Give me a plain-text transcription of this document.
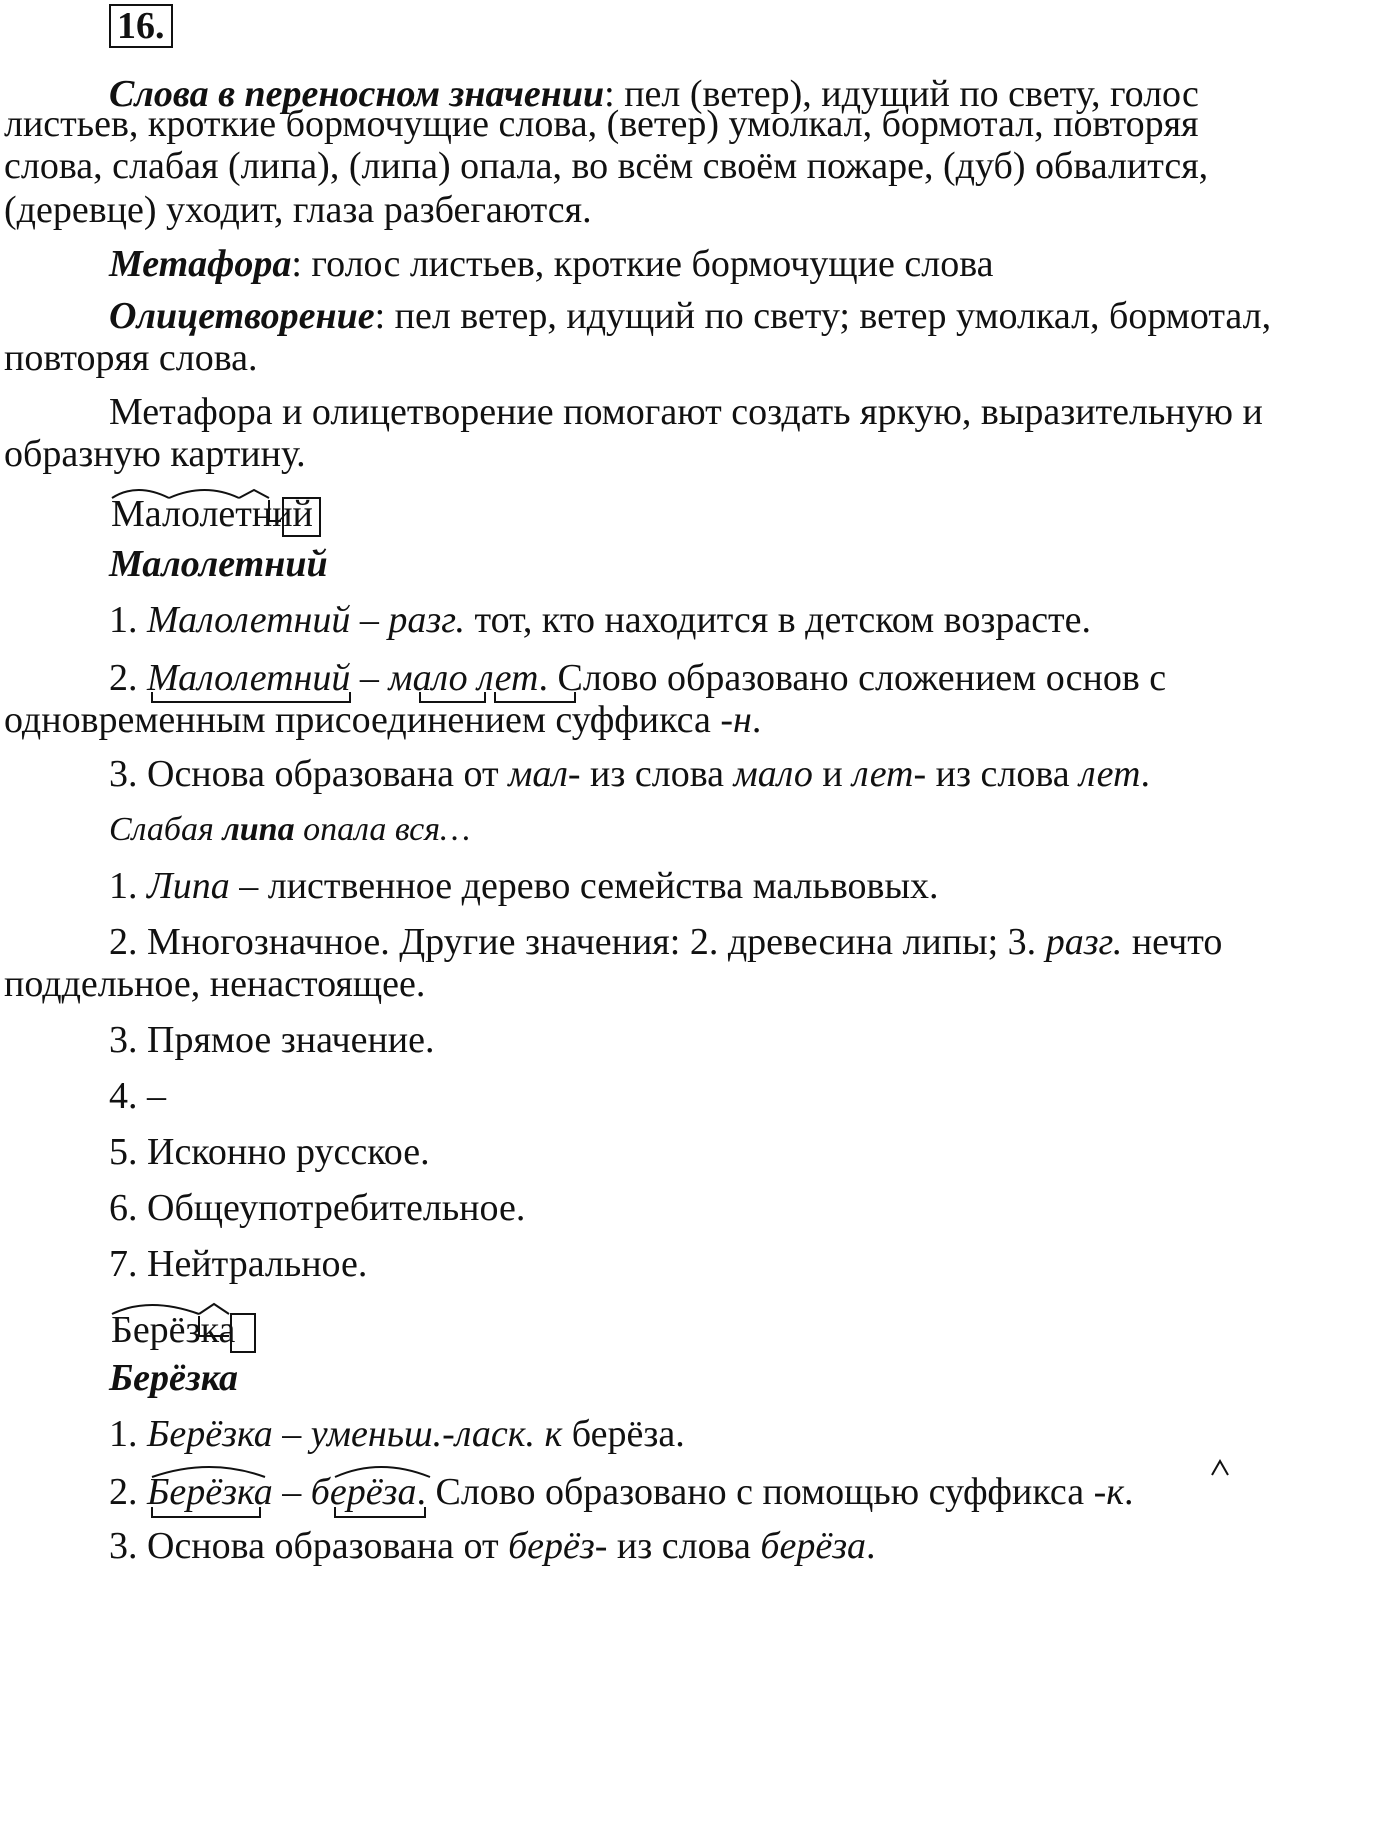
16.
Слова в переносном значении: пел (ветер), идущий по свету, голос
листьев, кроткие бормочущие слова, (ветер) умолкал, бормотал, повторяя
слова, слабая (липа), (липа) опала, во всём своём пожаре, (дуб) обвалится,
(деревце) уходит, глаза разбегаются.
Метафора: голос листьев, кроткие бормочущие слова
Олицетворение: пел ветер, идущий по свету; ветер умолкал, бормотал,
повторяя слова.
Метафора и олицетворение помогают создать яркую, выразительную и
образную картину.
Малолетний
Малолетний
1. Малолетний – разг. тот, кто находится в детском возрасте.
2. Малолетний – мало лет. Слово образовано сложением основ с
одновременным присоединением суффикса -н.
3. Основа образована от мал- из слова мало и лет- из слова лет.
Слабая липа опала вся…
1. Липа – лиственное дерево семейства мальвовых.
2. Многозначное. Другие значения: 2. древесина липы; 3. разг. нечто
поддельное, ненастоящее.
3. Прямое значение.
4. –
5. Исконно русское.
6. Общеупотребительное.
7. Нейтральное.
Берёзка
Берёзка
1. Берёзка – уменьш.-ласк. к берёза.
2. Берёзка – берёза. Слово образовано с помощью суффикса -к.
3. Основа образована от берёз- из слова берёза.
